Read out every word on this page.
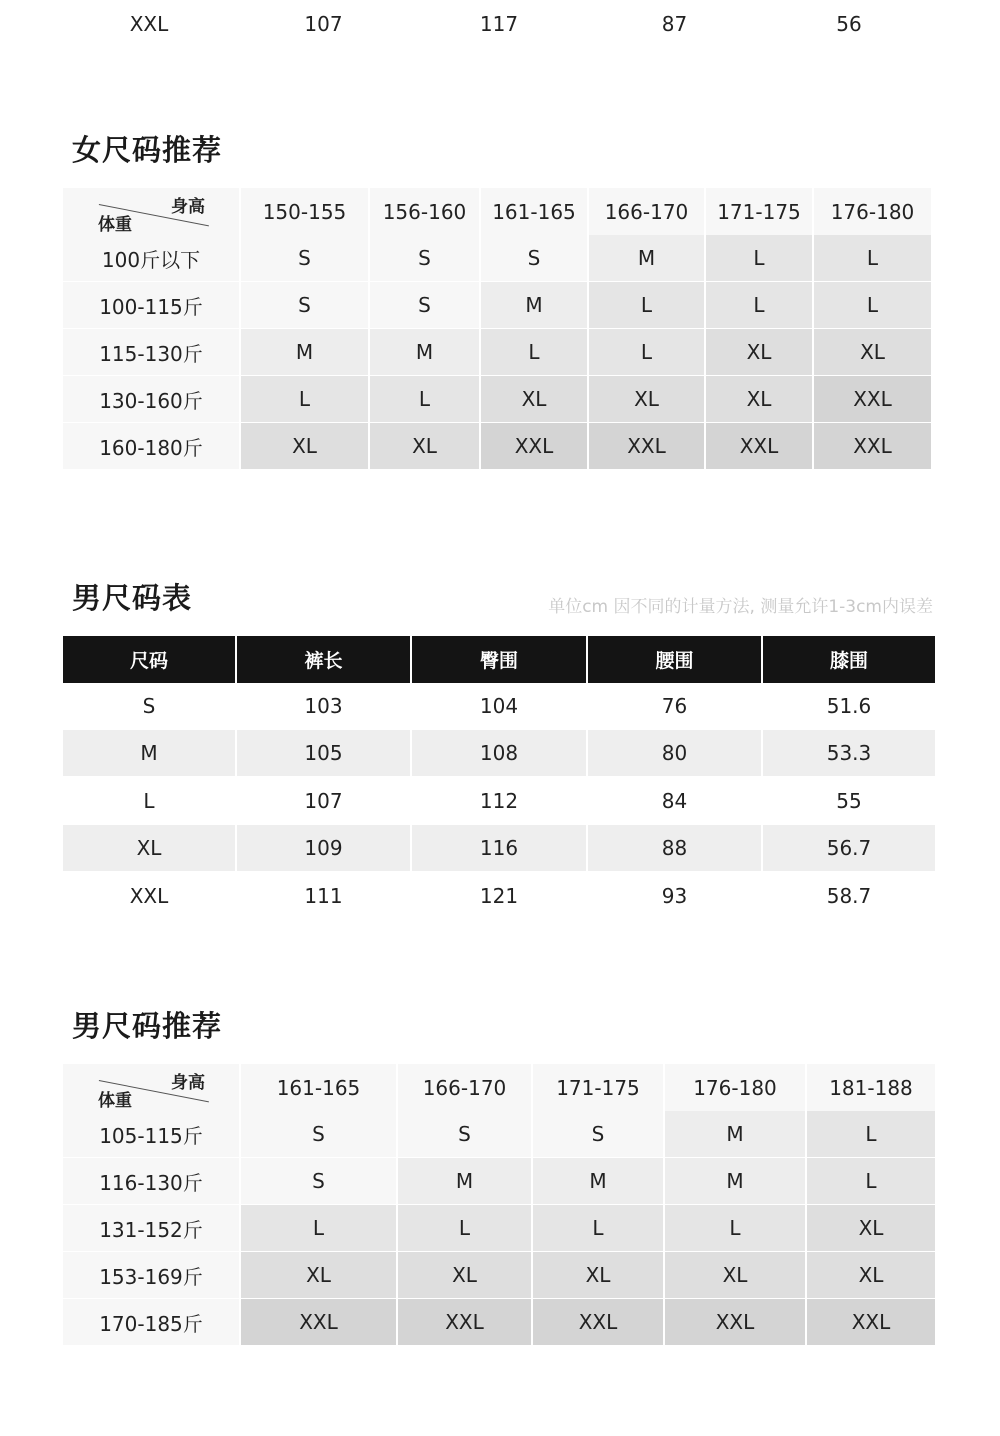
XXL	107	117	87	56
女尺码推荐
身高
体重
150-155	156-160	161-165	166-170	171-175	176-180
100斤以下	S	S	S	M	L	L
100-115斤	S	S	M	L	L	L
115-130斤	M	M	L	L	XL	XL
130-160斤	L	L	XL	XL	XL	XXL
160-180斤	XL	XL	XXL	XXL	XXL	XXL
男尺码表	单位cm 因不同的计量方法, 测量允许1-3cm内误差
尺码	裤长	臀围	腰围	膝围
S	103	104	76	51.6
M	105	108	80	53.3
L	107	112	84	55
XL	109	116	88	56.7
XXL	111	121	93	58.7
男尺码推荐
身高
体重
161-165	166-170	171-175	176-180	181-188
105-115斤	S	S	S	M	L
116-130斤	S	M	M	M	L
131-152斤	L	L	L	L	XL
153-169斤	XL	XL	XL	XL	XL
170-185斤	XXL	XXL	XXL	XXL	XXL
